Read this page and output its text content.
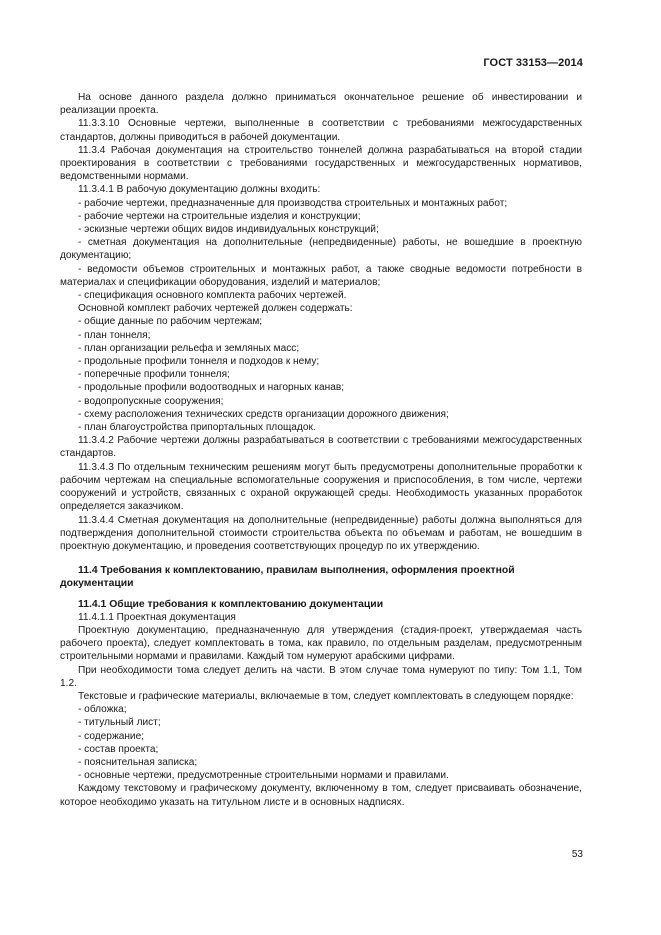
ГОСТ 33153—2014

На основе данного раздела должно приниматься окончательное решение об инвестировании и реализации проекта.

11.3.3.10 Основные чертежи, выполненные в соответствии с требованиями межгосударственных стандартов, должны приводиться в рабочей документации.

11.3.4 Рабочая документация на строительство тоннелей должна разрабатываться на второй стадии проектирования в соответствии с требованиями государственных и межгосударственных нормативов, ведомственными нормами.

11.3.4.1 В рабочую документацию должны входить:

- рабочие чертежи, предназначенные для производства строительных и монтажных работ;

- рабочие чертежи на строительные изделия и конструкции;

- эскизные чертежи общих видов индивидуальных конструкций;

- сметная документация на дополнительные (непредвиденные) работы, не вошедшие в проектную документацию;

- ведомости объемов строительных и монтажных работ, а также сводные ведомости потребности в материалах и спецификации оборудования, изделий и материалов;

- спецификация основного комплекта рабочих чертежей.

Основной комплект рабочих чертежей должен содержать:

- общие данные по рабочим чертежам;

- план тоннеля;

- план организации рельефа и земляных масс;

- продольные профили тоннеля и подходов к нему;

- поперечные профили тоннеля;

- продольные профили водоотводных и нагорных канав;

- водопропускные сооружения;

- схему расположения технических средств организации дорожного движения;

- план благоустройства припортальных площадок.

11.3.4.2 Рабочие чертежи должны разрабатываться в соответствии с требованиями межгосударственных стандартов.

11.3.4.3 По отдельным техническим решениям могут быть предусмотрены дополнительные проработки к рабочим чертежам на специальные вспомогательные сооружения и приспособления, в том числе, чертежи сооружений и устройств, связанных с охраной окружающей среды. Необходимость указанных проработок определяется заказчиком.

11.3.4.4 Сметная документация на дополнительные (непредвиденные) работы должна выполняться для подтверждения дополнительной стоимости строительства объекта по объемам и работам, не вошедшим в проектную документацию, и проведения соответствующих процедур по их утверждению.

11.4 Требования к комплектованию, правилам выполнения, оформления проектной документации

11.4.1 Общие требования к комплектованию документации

11.4.1.1 Проектная документация

Проектную документацию, предназначенную для утверждения (стадия-проект, утверждаемая часть рабочего проекта), следует комплектовать в тома, как правило, по отдельным разделам, предусмотренным строительными нормами и правилами. Каждый том нумеруют арабскими цифрами.

При необходимости тома следует делить на части. В этом случае тома нумеруют по типу: Том 1.1, Том 1.2.

Текстовые и графические материалы, включаемые в том, следует комплектовать в следующем порядке:

- обложка;

- титульный лист;

- содержание;

- состав проекта;

- пояснительная записка;

- основные чертежи, предусмотренные строительными нормами и правилами.

Каждому текстовому и графическому документу, включенному в том, следует присваивать обозначение, которое необходимо указать на титульном листе и в основных надписях.

53
